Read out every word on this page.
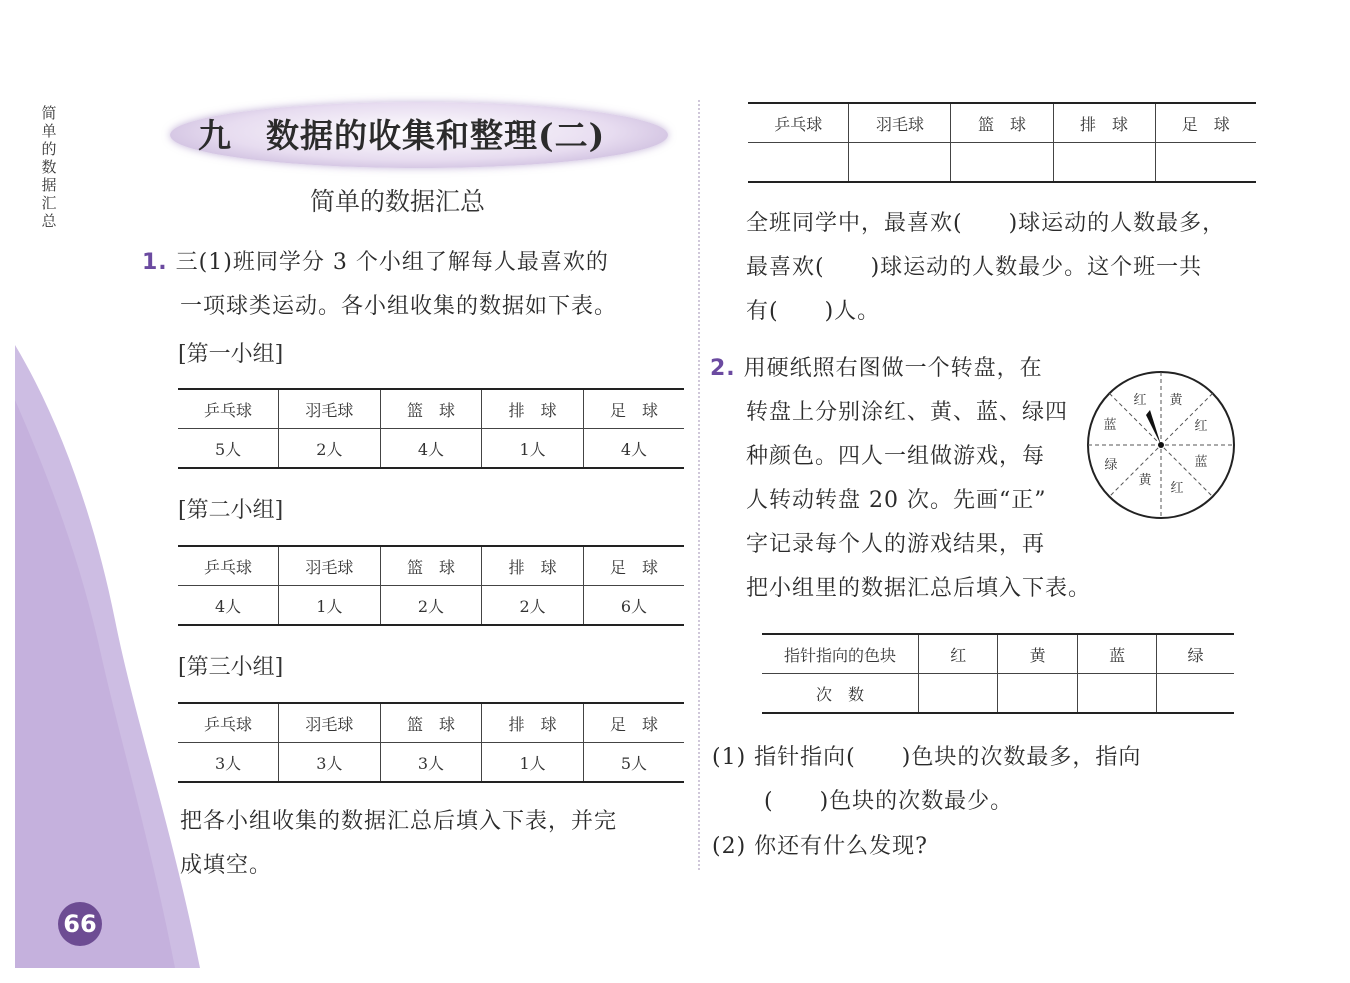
简单的数据汇总
九　数据的收集和整理(二)
简单的数据汇总
1. 三(1)班同学分 3 个小组了解每人最喜欢的
一项球类运动。各小组收集的数据如下表。
[第一小组]
乒乓球	羽毛球	篮　球	排　球	足　球
5人	2人	4人	1人	4人
[第二小组]
乒乓球	羽毛球	篮　球	排　球	足　球
4人	1人	2人	2人	6人
[第三小组]
乒乓球	羽毛球	篮　球	排　球	足　球
3人	3人	3人	1人	5人
把各小组收集的数据汇总后填入下表，并完
成填空。
66
乒乓球	羽毛球	篮　球	排　球	足　球

全班同学中，最喜欢(　　)球运动的人数最多，
最喜欢(　　)球运动的人数最少。这个班一共
有(　　)人。
2. 用硬纸照右图做一个转盘，在
转盘上分别涂红、黄、蓝、绿四
种颜色。四人一组做游戏，每
人转动转盘 20 次。先画“正”
字记录每个人的游戏结果，再
把小组里的数据汇总后填入下表。
红 黄
红
蓝
红
黄
绿
蓝
指针指向的色块	红	黄	蓝	绿
次　数				
(1) 指针指向(　　)色块的次数最多，指向
(　　)色块的次数最少。
(2) 你还有什么发现?
